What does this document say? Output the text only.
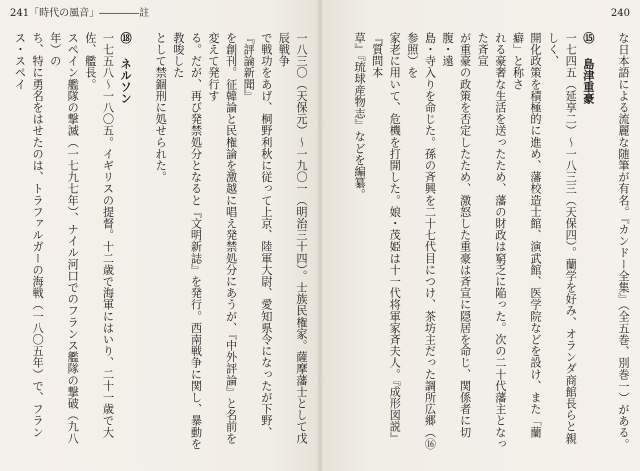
241「時代の風音」――――註
一八三〇（天保元）～一九〇一（明治三十四）。士族民権家。薩摩藩士として戊辰戦争
で戦功をあげ、桐野利秋に従って上京、陸軍大尉、愛知県令になったが下野、『評論新聞』
を創刊。征韓論と民権論を激越に唱え発禁処分にあうが、『中外評論』と名前を変えて発行す
る。だが、再び発禁処分となると『文明新誌』を発行。西南戦争に関し、暴動を教唆した
として禁錮刑に処せられた。

⑱ ネルソン
一七五八～一八〇五。イギリスの提督。十二歳で海軍にはいり、二十一歳で大佐、艦長。
スペイン艦隊の撃滅（一七九七年）、ナイル河口でのフランス艦隊の撃破（九八年）の
ち、特に勇名をはせたのは、トラファルガーの海戦（一八〇五年）で、フランス・スペイ
240
な日本語による流麗な随筆が有名。『カンドー全集』（全五巻、別巻一）がある。

⑮ 島津重豪
一七四五（延享二）～一八三三（天保四）。蘭学を好み、オランダ商館長らと親しく、
開化政策を積極的に進め、藩校造士館、演武館、医学院などを設け、また「蘭癖」と称さ
れる豪奢な生活を送ったため、藩の財政は窮乏に陥った。次の二十代藩主となった斉宣
が重豪の政策を否定したため、激怒した重豪は斉宣に隠居を命じ、関係者に切腹・遠
島・寺入りを命じた。孫の斉興を二十七代目につけ、茶坊主だった調所広郷（⑯参照）を
家老に用いて、危機を打開した。娘・茂姫は十一代将軍家斉夫人。『成形図説』『質問本
草』『琉球産物志』などを編纂。
